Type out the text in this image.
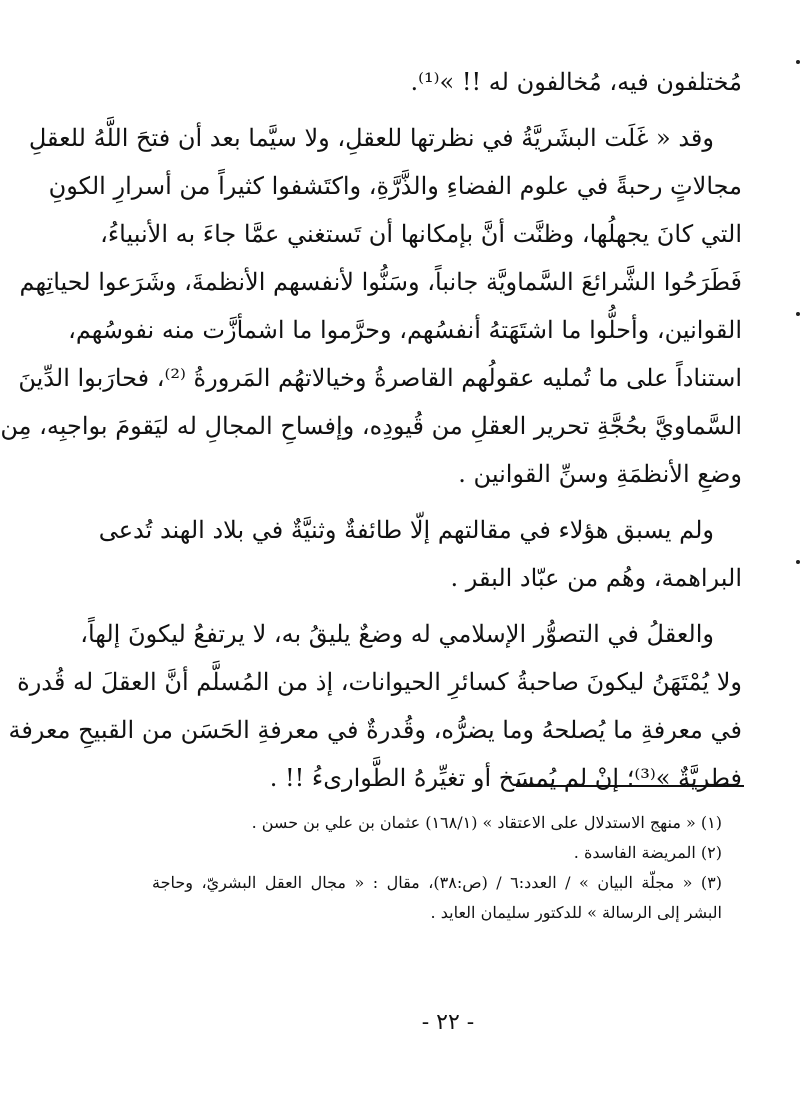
مُختلفون فيه، مُخالفون له !! »⁽¹⁾.
وقد « غَلَت البشَريَّةُ في نظرتها للعقلِ، ولا سيَّما بعد أن فتحَ اللَّهُ للعقلِ
مجالاتٍ رحبةً في علوم الفضاءِ والذَّرَّةِ، واكتَشفوا كثيراً من أسرارِ الكونِ
التي كانَ يجهلُها، وظنَّت أنَّ بإمكانها أن تَستغني عمَّا جاءَ به الأنبياءُ،
فَطَرَحُوا الشَّرائعَ السَّماويَّة جانباً، وسَنُّوا لأنفسهم الأنظمةَ، وشَرَعوا لحياتِهم
القوانين، وأحلُّوا ما اشتَهَتهُ أنفسُهم، وحرَّموا ما اشمأزَّت منه نفوسُهم،
استناداً على ما تُمليه عقولُهم القاصرةُ وخيالاتهُم المَرورةُ ⁽²⁾، فحارَبوا الدِّينَ
السَّماويَّ بحُجَّةِ تحرير العقلِ من قُيودِه، وإفساحِ المجالِ له ليَقومَ بواجبِه، مِن
وضعِ الأنظمَةِ وسنِّ القوانين .
ولم يسبق هؤلاء في مقالتهم إلّا طائفةٌ وثنيَّةٌ في بلاد الهند تُدعى
البراهمة، وهُم من عبّاد البقر .
والعقلُ في التصوُّر الإسلامي له وضعٌ يليقُ به، لا يرتفعُ ليكونَ إلهاً،
ولا يُمْتَهَنُ ليكونَ صاحبةُ كسائرِ الحيوانات، إذ من المُسلَّم أنَّ العقلَ له قُدرة
في معرفةِ ما يُصلحهُ وما يضرُّه، وقُدرةٌ في معرفةِ الحَسَن من القبيحِ معرفة
فطريَّةٌ »⁽³⁾؛ إنْ لم يُمسَخ أو تغيِّرهُ الطَّوارىءُ !! .
(١) « منهج الاستدلال على الاعتقاد » (١٦٨/١) عثمان بن علي بن حسن .
(٢) المريضة الفاسدة .
(٣) « مجلّة البيان » / العدد:٦ / (ص:٣٨)، مقال : « مجال العقل البشريّ، وحاجة
البشر إلى الرسالة » للدكتور سليمان العايد .
- ٢٢ -
